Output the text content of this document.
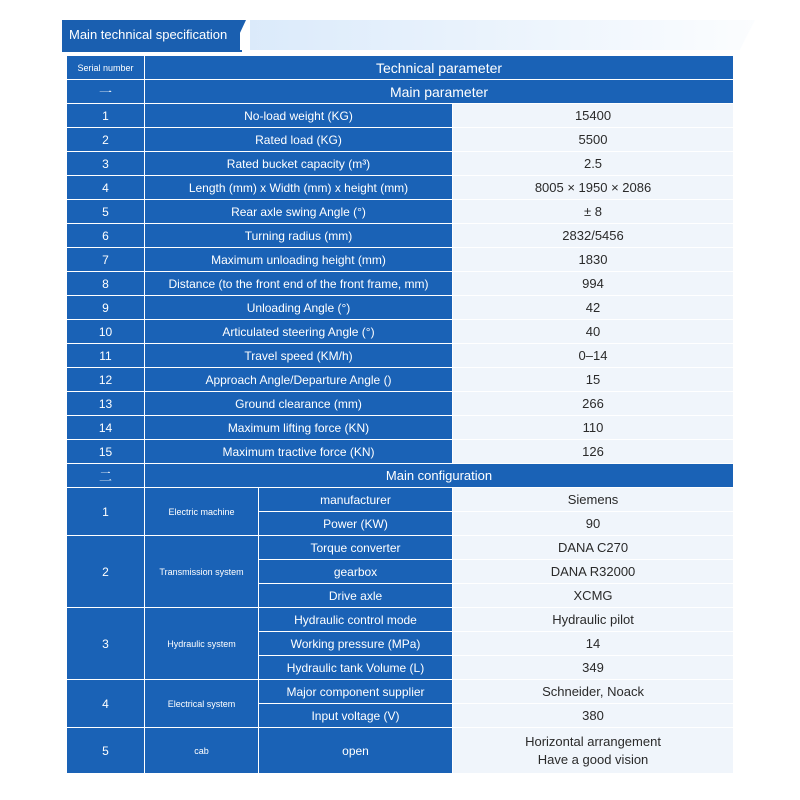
Main technical specification
Serial number	Technical parameter		
一	Main parameter		
1	No-load weight (KG)		15400
2	Rated load (KG)		5500
3	Rated bucket capacity (m³)		2.5
4	Length (mm) x Width (mm) x height (mm)		8005 × 1950 × 2086
5	Rear axle swing Angle (°)		± 8
6	Turning radius (mm)		2832/5456
7	Maximum unloading height (mm)		1830
8	Distance (to the front end of the front frame, mm)		994
9	Unloading Angle (°)		42
10	Articulated steering Angle (°)		40
11	Travel speed (KM/h)		0–14
12	Approach Angle/Departure Angle ()		15
13	Ground clearance (mm)		266
14	Maximum lifting force (KN)		110
15	Maximum tractive force (KN)		126
二	Main configuration		
1	Electric machine	manufacturer	Siemens
		Power (KW)	90
2	Transmission system	Torque converter	DANA C270
		gearbox	DANA R32000
		Drive axle	XCMG
3	Hydraulic system	Hydraulic control mode	Hydraulic pilot
		Working pressure (MPa)	14
		Hydraulic tank Volume (L)	349
4	Electrical system	Major component supplier	Schneider, Noack
		Input voltage (V)	380
5	cab	open	Horizontal arrangement
Have a good vision
